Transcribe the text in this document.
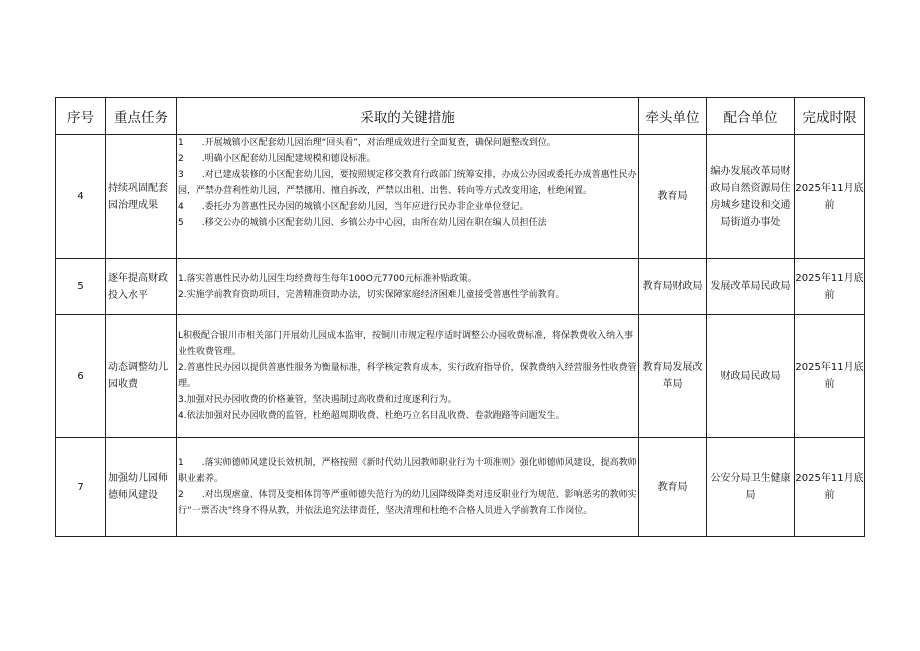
序号	重点任务	采取的关键措施	牵头单位	配合单位	完成时限
4	持续巩固配套园治理成果	1　　.开展城镇小区配套幼儿园治理“回头看”，对治理成效进行全面复查，确保问题整改到位。
2　　.明确小区配套幼儿园配建规模和德设标准。
3　　.对已建成装修的小区配套幼儿园，要按照规定移交教育行政部门统筹安排，办成公办园或委托办成普惠性民办园，严禁办营利性幼儿园，严禁挪用、擅自拆改，严禁以出租、出售、转向等方式改变用途，杜绝闲置。
4　　.委托办为普惠性民办园的城镇小区配套幼儿园，当年应进行民办非企业单位登记。
5　　.移交公办的城镇小区配套幼儿园、乡镇公办中心园，由所在幼儿园在职在编人员担任法	教育局	编办发展改革局财政局自然资源局住房城乡建设和交通局街道办事处	2025年11月底前
5	逐年提高财政投入水平	1.落实普惠性民办幼儿园生均经费每生每年100O元7700元标准补贴政策。
2.实施学前教育资助项目，完善精准资助办法，切实保障家庭经济困难儿童接受普惠性学前教育。	教育局财政局	发展改革局民政局	2025年11月底前
6	动态调整幼儿园收费	L积极配合银川市相关部门开展幼儿园成本监审，按铜川市规定程序适时调整公办园收费标准，将保教费收入纳入事业性收费管理。
2.普惠性民办园以提供普惠性服务为衡量标准，科学核定教育成本，实行政府指导价，保教费纳入经营服务性收费管理。
3.加强对民办园收费的价格兼管，坚决遏制过高收费和过度逐利行为。
4.依法加强对民办园收费的监管，杜绝超周期收费、杜绝巧立名目乱收费、卷款跑路等问题发生。	教育局发展改革局	财政局民政局	2025年11月底前
7	加强幼儿园师德师风建设	1　　.落实师德师风建设长效机制，严格按照《新时代幼儿园教师职业行为十项准则》强化师德师风建设，提高教师职业素养。
2　　.对出现虐童、体罚及变相体罚等严重师德失范行为的幼儿园降级降类对违反职业行为规范、影响恶劣的教师实行“一票否决”终身不得从教，并依法追究法律责任，坚决清理和杜绝不合格人员进入学前教育工作岗位。	教育局	公安分局卫生健康局	2025年11月底前
